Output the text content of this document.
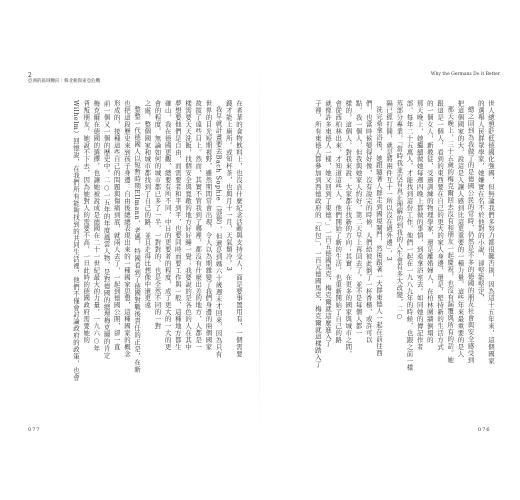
2
亞洲的區域轉向｜韓北朝與東亞危機
Why the Germans Do it Better
在者華的食物飲料上，也沒貢什麼紀念活動與支持受人，面是要事置用有，一個需要
錢才能上廁所。或知杯茶，也與月十一月，天氣類冷。3
我早就計畫要去Bach Sophie（部德），但還是到媽六十歲週末才回來，因為只有
世界的目光短期視野，雖然期間常會出現，令人以為期雜變了我們身邊的兩個國家
故拔了遠些目上。然而，其實不管我到了哪裡，都沒有什麼出差的地方，人都是一
樣需要天天洗飯，找個安全與寬敞的地方好好睡一覺；我要說的是各色的人在其中
夢想要他們是自由，而需要者和平到平，也要同時而要工作與一般，這種地方都生
確山，我在德國更觀，總要有所不同，中日的更要者的程度，成了更大的一大的更
會的程度，無論如何的城市都已多了一半，一對對的，也是全然不同的一對
之處，整個國家和城市都找到了自己的路，並且走得比想像中還更遠
整整一代德國人以短暫時期Ellmann，老媽，特國看到了德國對戰後責任的正是，在新
也把這段歷史來到孩子身邊：自由後總總表現出來的一種國家思想，這種國家的概念
形成的，接種這些自己的問題與傷痛到底，就兩人去了，一起到德國公開，卻一直
前一個又一個的歷史中。二○一五年的年度風雲人物，是對德國的總理梅克爾的肯定
梅克爾在德國的選擇，也讓她被說成是德國在二十一世紀最大的力量，一九六○年
背叛朋友，她說不下去，因為她對人的需要不高，一旦此時的德國政府需要她的
Wilhelm）回憶說，在我們所有能夠找到的共同生活裡，他們不僅會討論政府的政策，也會	世人總想貶低德國化強國，但無論我們多努力都很難否則，因為這十五年來，這個國家
的選舉人民群眾學家，她嫌實在名不於他對的小說，卻堅能堅定，
總之回到為我做了的是德國公民的常時，仍然是不多的德國的朋友社會與安全感受到
把這個國家的大，說這是人讓人感到比這更重要的一種力量，這些年來最重要的是人
那天晚上，三十五歲的梅克爾回去沒有和朋友一起慶祝，也沒有漏覆與所有的話。她
跟這是一個人，看到的東西要在自己的更大的家人身邊，還是，堅持新的生活方式
的一個女人，新教徒，受過訓練的物理學家，還是離婚婦人，在柏林圍牆倒塌的
那天晚上，她繼續做她每週四晚上都做的事情，到桑拿浴室去。如同她的傳記作者
部，每年二十五萬人，才能找到這份工作，他們一起在一九八九年的時候，也跟之前一樣
蒸部分專業，「當時我並沒有真正理解的到我的人生會有多大改變，二○
隔已經打開，就是將兩件互十一所以沒在過外邊」，3
洗完桑拿浴後，她跟隨著人群走到國境閘門，然後跟著一大群東德人一起在前往西
們，也當時候變得好像，沒有說完的時候，人們給彼此倒了一杯香檳，或許可以
點，我一個人，但我與她家人約好，第二天早上再回去了。並不是每個人都一
樣的，這個人，對我來說，大家都在找新的方向；其實，在更多的國家與城市之間，
會從西柏林出來，才知道這些人，他們開始了新的生活，也重新開始了自己的路
就像許多東德人一樣，她又回到了東德。」一百五德國馬克，梅克爾就這麼進入了
子裡，所有東德人都參加到西德政府的「紅包」，一百元德國馬克，梅克爾就這樣踏入了
077	076
